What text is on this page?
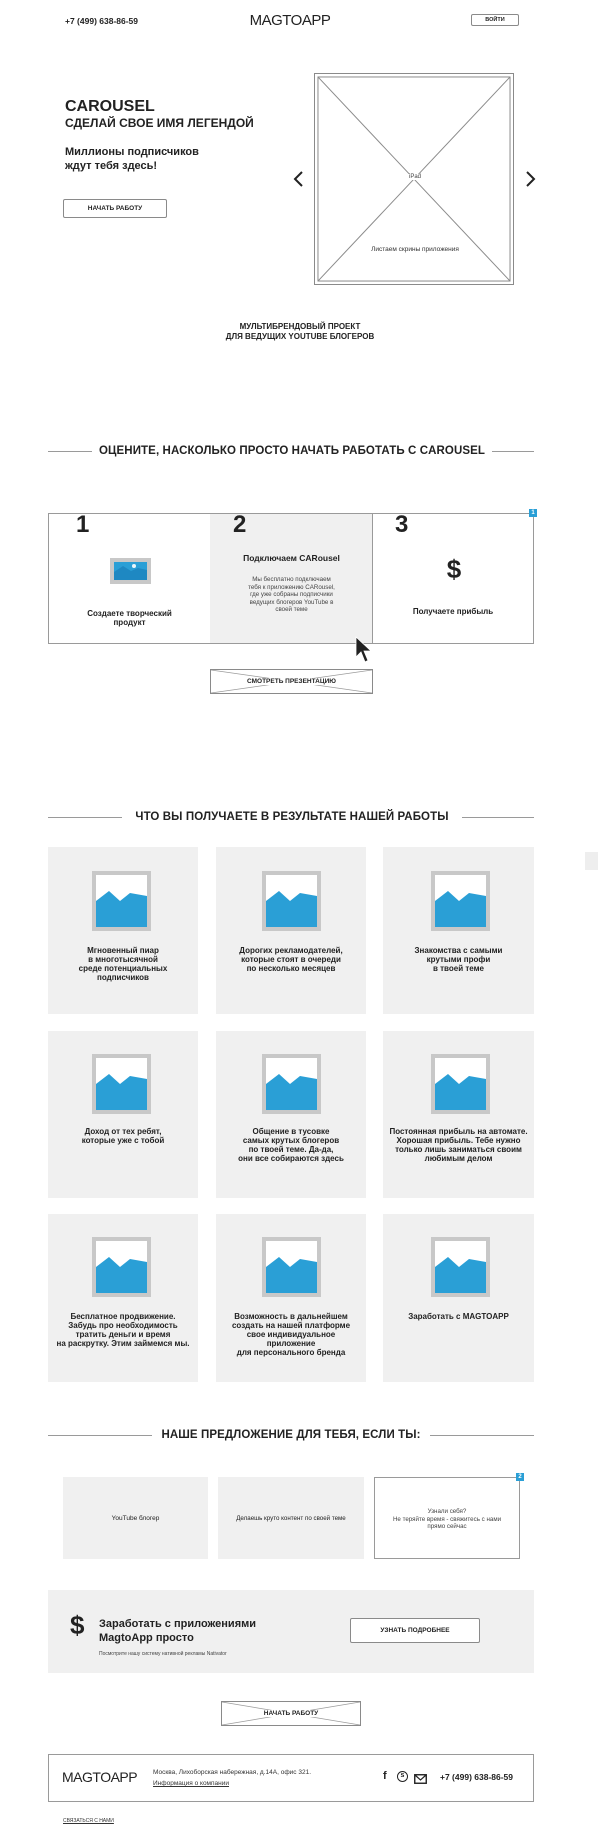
+7 (499) 638-86-59	MAGTOAPP	ВОЙТИ
CAROUSEL
СДЕЛАЙ СВОЕ ИМЯ ЛЕГЕНДОЙ
Миллионы подписчиков
ждут тебя здесь!
НАЧАТЬ РАБОТУ
iPad
Листаем скрины приложения
МУЛЬТИБРЕНДОВЫЙ ПРОЕКТ
ДЛЯ ВЕДУЩИХ YOUTUBE БЛОГЕРОВ
ОЦЕНИТЕ, НАСКОЛЬКО ПРОСТО НАЧАТЬ РАБОТАТЬ С CAROUSEL
1
Создаете творческий
продукт
2
Подключаем CARousel
Мы бесплатно подключаем
тебя к приложению CARousel,
где уже собраны подписчики
ведущих блогеров YouTube в
своей теме
3
$
Получаете прибыль
1
СМОТРЕТЬ ПРЕЗЕНТАЦИЮ
ЧТО ВЫ ПОЛУЧАЕТЕ В РЕЗУЛЬТАТЕ НАШЕЙ РАБОТЫ
Мгновенный пиар
в многотысячной
среде потенциальных
подписчиков
Дорогих рекламодателей,
которые стоят в очереди
по несколько месяцев
Знакомства с самыми
крутыми профи
в твоей теме
Доход от тех ребят,
которые уже с тобой
Общение в тусовке
самых крутых блогеров
по твоей теме. Да-да,
они все собираются здесь
Постоянная прибыль на автомате.
Хорошая прибыль. Тебе нужно
только лишь заниматься своим
любимым делом
Бесплатное продвижение.
Забудь про необходимость
тратить деньги и время
на раскрутку. Этим займемся мы.
Возможность в дальнейшем
создать на нашей платформе
свое индивидуальное приложение
для персонального бренда
Заработать с MAGTOAPP
НАШЕ ПРЕДЛОЖЕНИЕ ДЛЯ ТЕБЯ, ЕСЛИ ТЫ:
YouTube блогер	Делаешь круто контент по своей теме
Узнали себя?
Не теряйте время - свяжитесь с нами
прямо сейчас
2
$ Заработать с приложениями
MagtoApp просто
Посмотрите нашу систему нативной рекламы Nativator
УЗНАТЬ ПОДРОБНЕЕ
НАЧАТЬ РАБОТУ
MAGTOAPP Москва, Лихоборская набережная, д.14А, офис 321.
Информация о компании
f	s	+7 (499) 638-86-59
СВЯЗАТЬСЯ С НАМИ
